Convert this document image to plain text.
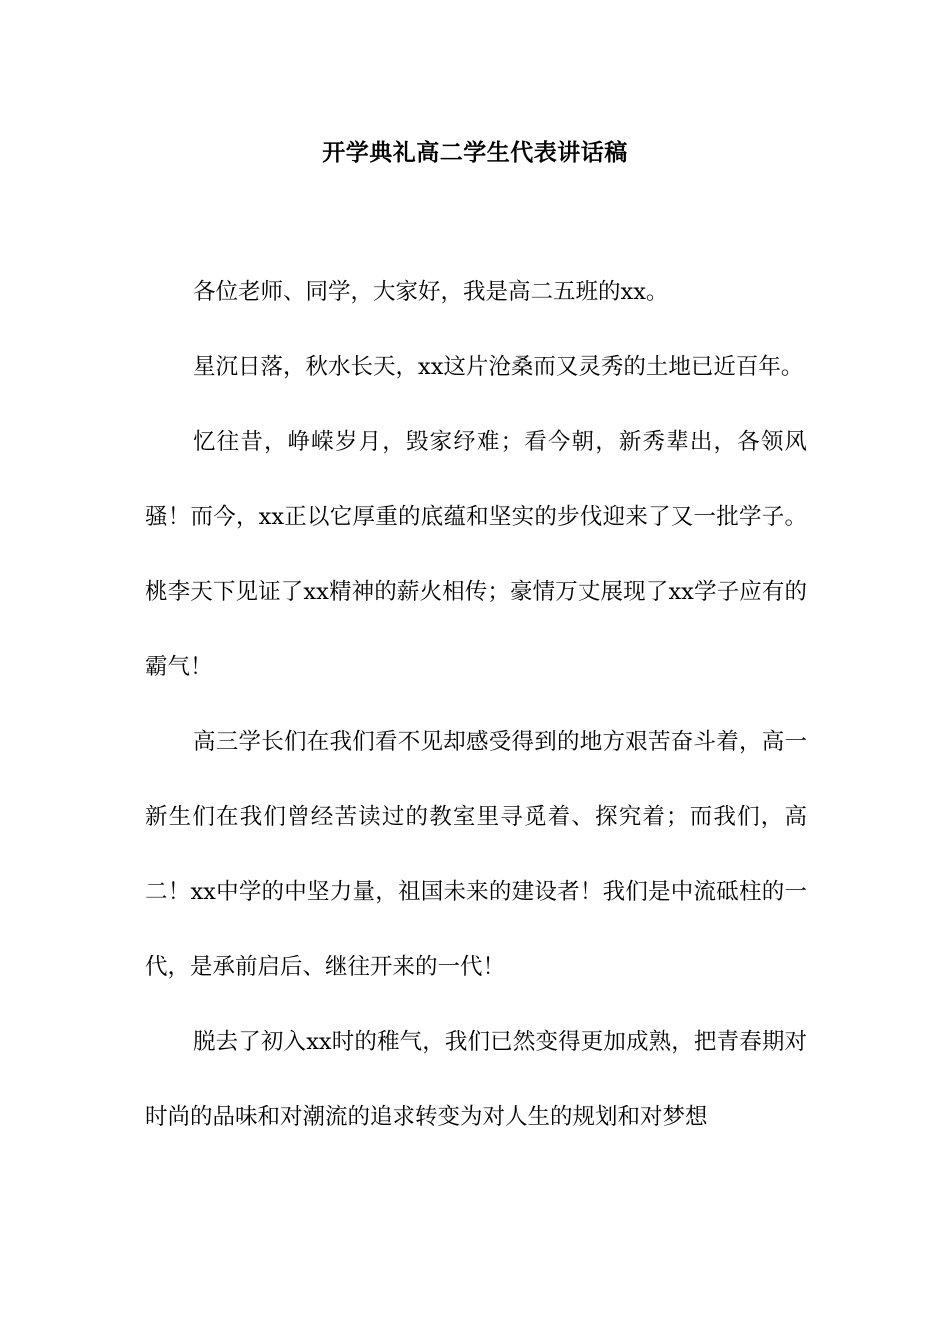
开学典礼高二学生代表讲话稿

各位老师、同学，大家好，我是高二五班的xx。

星沉日落，秋水长天，xx这片沧桑而又灵秀的土地已近百年。

忆往昔，峥嵘岁月，毁家纾难；看今朝，新秀辈出，各领风骚！而今，xx正以它厚重的底蕴和坚实的步伐迎来了又一批学子。桃李天下见证了xx精神的薪火相传；豪情万丈展现了xx学子应有的霸气！

高三学长们在我们看不见却感受得到的地方艰苦奋斗着，高一新生们在我们曾经苦读过的教室里寻觅着、探究着；而我们，高二！xx中学的中坚力量，祖国未来的建设者！我们是中流砥柱的一代，是承前启后、继往开来的一代！

脱去了初入xx时的稚气，我们已然变得更加成熟，把青春期对时尚的品味和对潮流的追求转变为对人生的规划和对梦想
